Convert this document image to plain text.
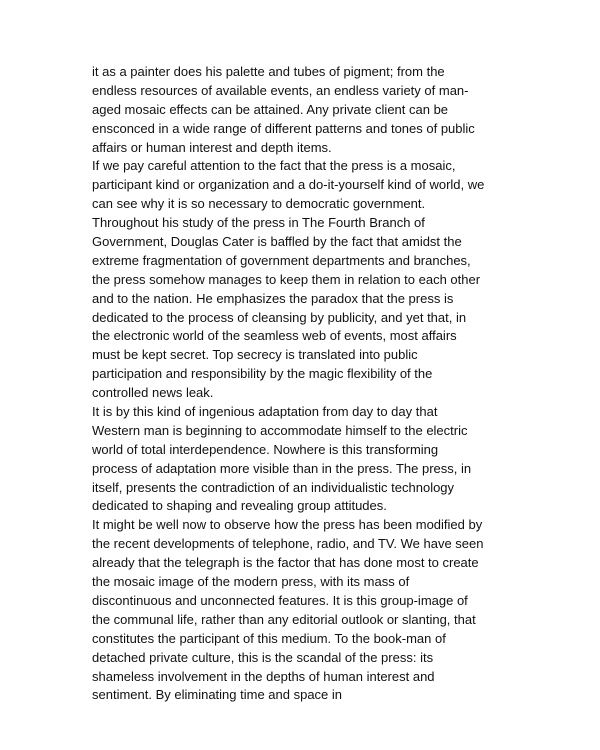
it as a painter does his palette and tubes of pigment; from the
endless resources of available events, an endless variety of man-
aged mosaic effects can be attained. Any private client can be
ensconced in a wide range of different patterns and tones of public
affairs or human interest and depth items.
If we pay careful attention to the fact that the press is a mosaic,
participant kind or organization and a do-it-yourself kind of world, we
can see why it is so necessary to democratic government.
Throughout his study of the press in The Fourth Branch of
Government, Douglas Cater is baffled by the fact that amidst the
extreme fragmentation of government departments and branches,
the press somehow manages to keep them in relation to each other
and to the nation. He emphasizes the paradox that the press is
dedicated to the process of cleansing by publicity, and yet that, in
the electronic world of the seamless web of events, most affairs
must be kept secret. Top secrecy is translated into public
participation and responsibility by the magic flexibility of the
controlled news leak.
It is by this kind of ingenious adaptation from day to day that
Western man is beginning to accommodate himself to the electric
world of total interdependence. Nowhere is this transforming
process of adaptation more visible than in the press. The press, in
itself, presents the contradiction of an individualistic technology
dedicated to shaping and revealing group attitudes.
It might be well now to observe how the press has been modified by
the recent developments of telephone, radio, and TV. We have seen
already that the telegraph is the factor that has done most to create
the mosaic image of the modern press, with its mass of
discontinuous and unconnected features. It is this group-image of
the communal life, rather than any editorial outlook or slanting, that
constitutes the participant of this medium. To the book-man of
detached private culture, this is the scandal of the press: its
shameless involvement in the depths of human interest and
sentiment. By eliminating time and space in
